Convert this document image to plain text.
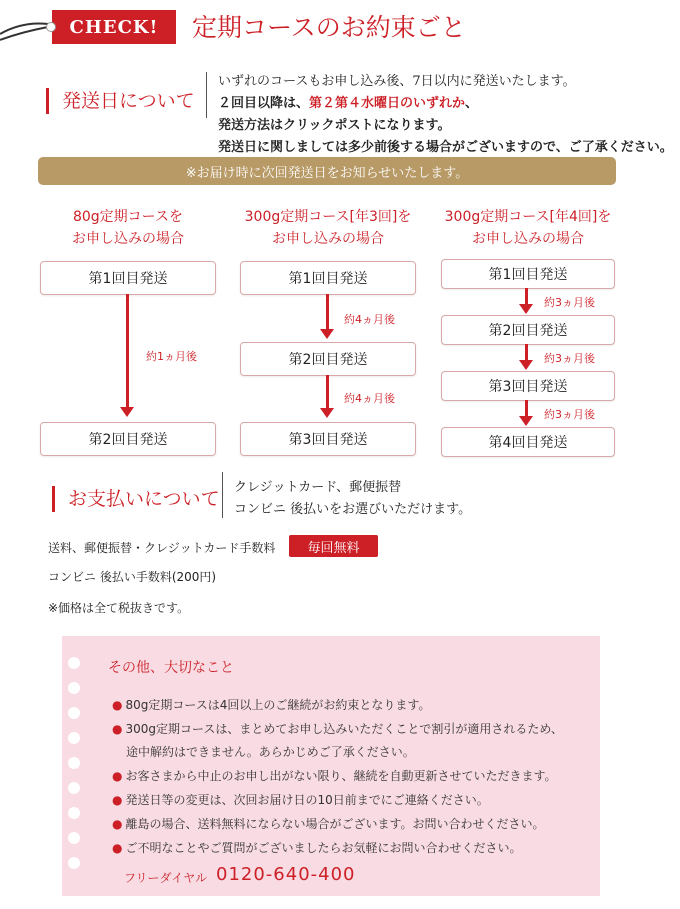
CHECK!	定期コースのお約束ごと
発送日について
いずれのコースもお申し込み後、7日以内に発送いたします。
２回目以降は、第２第４水曜日のいずれか、
発送方法はクリックポストになります。
発送日に関しましては多少前後する場合がございますので、ご了承ください。
※お届け時に次回発送日をお知らせいたします。
80g定期コースを
お申し込みの場合
第1回目発送
約1ヵ月後
第2回目発送
300g定期コース[年3回]を
お申し込みの場合
第1回目発送
約4ヵ月後
第2回目発送
約4ヵ月後
第3回目発送
300g定期コース[年4回]を
お申し込みの場合
第1回目発送
約3ヵ月後
第2回目発送
約3ヵ月後
第3回目発送
約3ヵ月後
第4回目発送
お支払いについて
クレジットカード、郵便振替
コンビニ 後払いをお選びいただけます。
送料、郵便振替・クレジットカード手数料	毎回無料
コンビニ 後払い手数料(200円)
※価格は全て税抜きです。
その他、大切なこと
● 80g定期コースは4回以上のご継続がお約束となります。
● 300g定期コースは、まとめてお申し込みいただくことで割引が適用されるため、
途中解約はできません。あらかじめご了承ください。
● お客さまから中止のお申し出がない限り、継続を自動更新させていただきます。
● 発送日等の変更は、次回お届け日の10日前までにご連絡ください。
● 離島の場合、送料無料にならない場合がございます。お問い合わせください。
● ご不明なことやご質問がございましたらお気軽にお問い合わせください。
フリーダイヤル 0120-640-400
